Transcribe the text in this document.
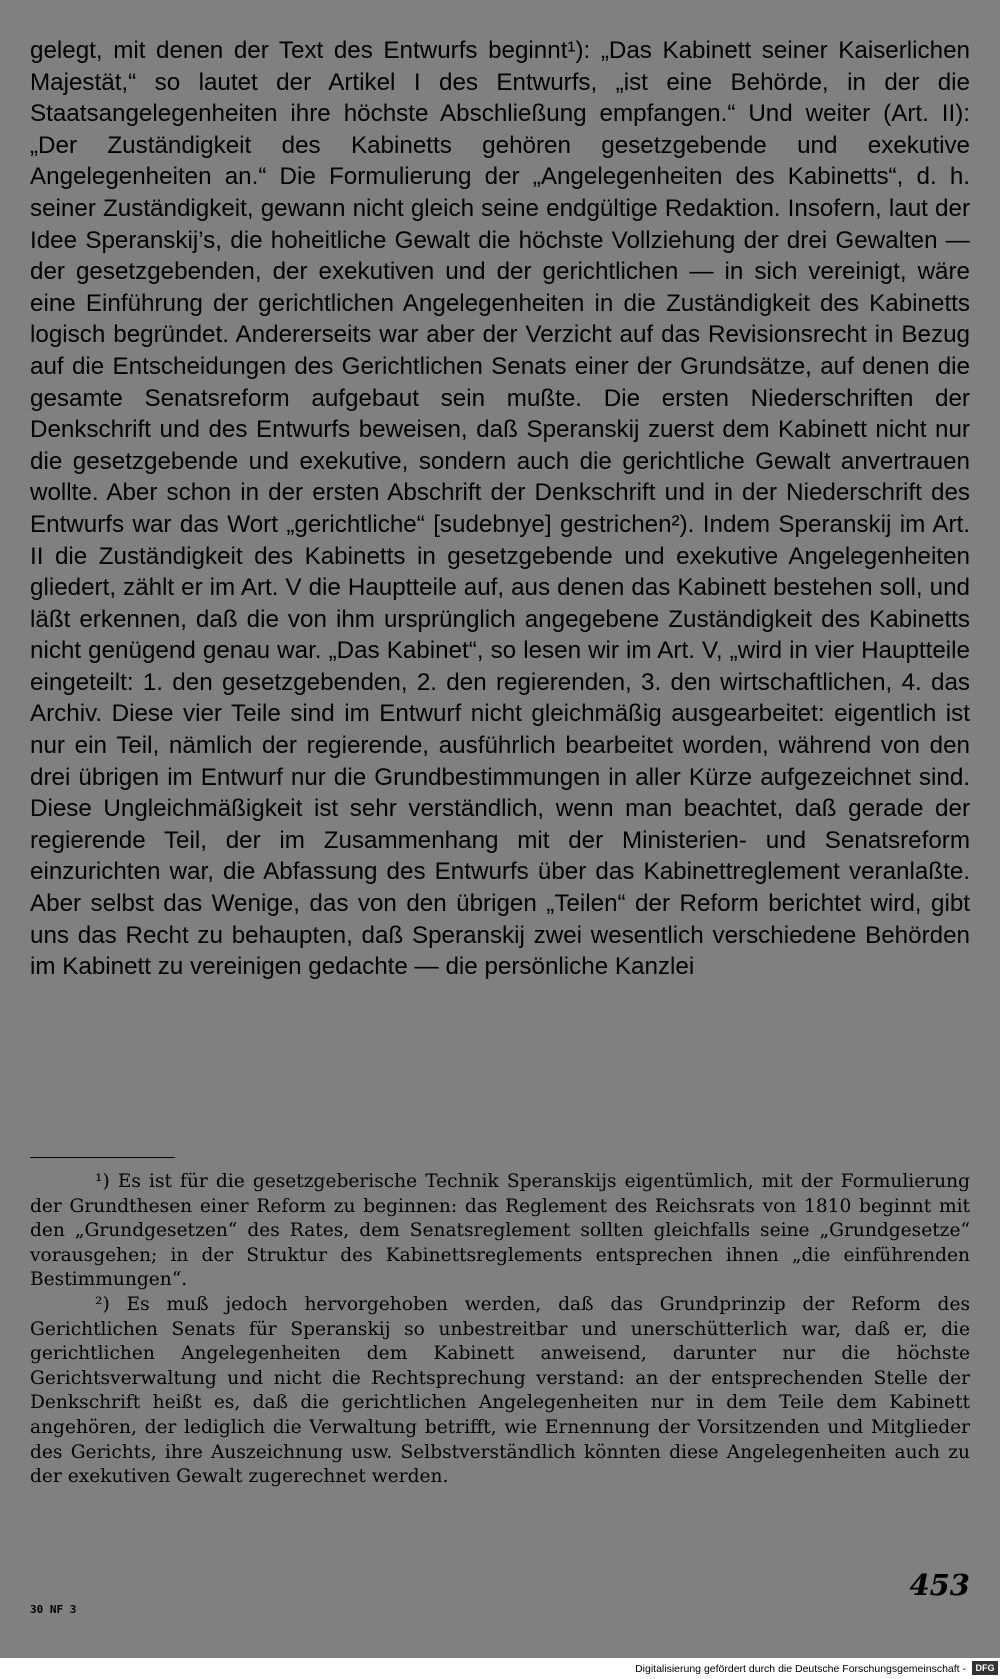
gelegt, mit denen der Text des Entwurfs beginnt¹): „Das Kabinett seiner Kaiserlichen Majestät,“ so lautet der Artikel I des Entwurfs, „ist eine Behörde, in der die Staatsangelegenheiten ihre höchste Abschließung empfangen.“ Und weiter (Art. II): „Der Zuständigkeit des Kabinetts gehören gesetzgebende und exekutive Angelegenheiten an.“ Die Formulierung der „Angelegenheiten des Kabinetts“, d. h. seiner Zuständigkeit, gewann nicht gleich seine endgültige Redaktion. Insofern, laut der Idee Speranskij’s, die hoheitliche Gewalt die höchste Vollziehung der drei Gewalten — der gesetzgebenden, der exekutiven und der gerichtlichen — in sich vereinigt, wäre eine Einführung der gerichtlichen Angelegenheiten in die Zuständigkeit des Kabinetts logisch begründet. Andererseits war aber der Verzicht auf das Revisionsrecht in Bezug auf die Entscheidungen des Gerichtlichen Senats einer der Grundsätze, auf denen die gesamte Senatsreform aufgebaut sein mußte. Die ersten Niederschriften der Denkschrift und des Entwurfs beweisen, daß Speranskij zuerst dem Kabinett nicht nur die gesetzgebende und exekutive, sondern auch die gerichtliche Gewalt anvertrauen wollte. Aber schon in der ersten Abschrift der Denkschrift und in der Niederschrift des Entwurfs war das Wort „gerichtliche“ [sudebnye] gestrichen²). Indem Speranskij im Art. II die Zuständigkeit des Kabinetts in gesetzgebende und exekutive Angelegenheiten gliedert, zählt er im Art. V die Hauptteile auf, aus denen das Kabinett bestehen soll, und läßt erkennen, daß die von ihm ursprünglich angegebene Zuständigkeit des Kabinetts nicht genügend genau war. „Das Kabinet“, so lesen wir im Art. V, „wird in vier Hauptteile eingeteilt: 1. den gesetzgebenden, 2. den regierenden, 3. den wirtschaftlichen, 4. das Archiv. Diese vier Teile sind im Entwurf nicht gleichmäßig ausgearbeitet: eigentlich ist nur ein Teil, nämlich der regierende, ausführlich bearbeitet worden, während von den drei übrigen im Entwurf nur die Grundbestimmungen in aller Kürze aufgezeichnet sind. Diese Ungleichmäßigkeit ist sehr verständlich, wenn man beachtet, daß gerade der regierende Teil, der im Zusammenhang mit der Ministerien- und Senatsreform einzurichten war, die Abfassung des Entwurfs über das Kabinettreglement veranlaßte. Aber selbst das Wenige, das von den übrigen „Teilen“ der Reform berichtet wird, gibt uns das Recht zu behaupten, daß Speranskij zwei wesentlich verschiedene Behörden im Kabinett zu vereinigen gedachte — die persönliche Kanzlei

¹) Es ist für die gesetzgeberische Technik Speranskijs eigentümlich, mit der Formulierung der Grundthesen einer Reform zu beginnen: das Reglement des Reichsrats von 1810 beginnt mit den „Grundgesetzen“ des Rates, dem Senatsreglement sollten gleichfalls seine „Grundgesetze“ vorausgehen; in der Struktur des Kabinettsreglements entsprechen ihnen „die einführenden Bestimmungen“.

²) Es muß jedoch hervorgehoben werden, daß das Grundprinzip der Reform des Gerichtlichen Senats für Speranskij so unbestreitbar und unerschütterlich war, daß er, die gerichtlichen Angelegenheiten dem Kabinett anweisend, darunter nur die höchste Gerichtsverwaltung und nicht die Rechtsprechung verstand: an der entsprechenden Stelle der Denkschrift heißt es, daß die gerichtlichen Angelegenheiten nur in dem Teile dem Kabinett angehören, der lediglich die Verwaltung betrifft, wie Ernennung der Vorsitzenden und Mitglieder des Gerichts, ihre Auszeichnung usw. Selbstverständlich könnten diese Angelegenheiten auch zu der exekutiven Gewalt zugerechnet werden.

453
30 NF 3
Digitalisierung gefördert durch die Deutsche Forschungsgemeinschaft -	DFG
